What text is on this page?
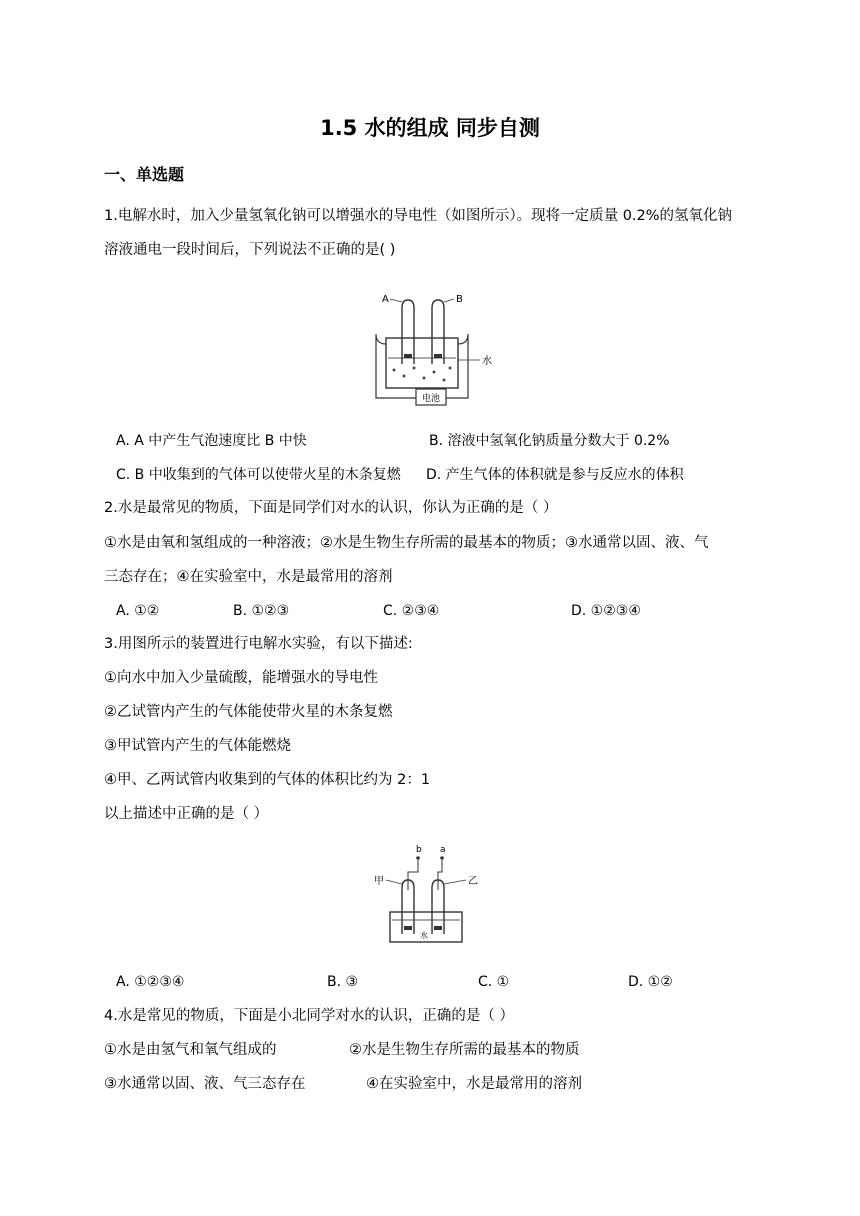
1.5 水的组成 同步自测
一、单选题
1.电解水时，加入少量氢氧化钠可以增强水的导电性（如图所示）。现将一定质量 0.2%的氢氧化钠
溶液通电一段时间后，下列说法不正确的是( )
电池
A	B
水
A. A 中产生气泡速度比 B 中快	B. 溶液中氢氧化钠质量分数大于 0.2%
C. B 中收集到的气体可以使带火星的木条复燃 D. 产生气体的体积就是参与反应水的体积
2.水是最常见的物质，下面是同学们对水的认识，你认为正确的是（ ）
①水是由氧和氢组成的一种溶液；②水是生物生存所需的最基本的物质；③水通常以固、液、气
三态存在；④在实验室中，水是最常用的溶剂
A. ①②	B. ①②③	C. ②③④	D. ①②③④
3.用图所示的装置进行电解水实验，有以下描述:
①向水中加入少量硫酸，能增强水的导电性
②乙试管内产生的气体能使带火星的木条复燃
③甲试管内产生的气体能燃烧
④甲、乙两试管内收集到的气体的体积比约为 2：1
以上描述中正确的是（ ）
b a
甲	乙
水
A. ①②③④	B. ③	C. ①	D. ①②
4.水是常见的物质，下面是小北同学对水的认识，正确的是（ ）
①水是由氢气和氧气组成的	②水是生物生存所需的最基本的物质
③水通常以固、液、气三态存在	④在实验室中，水是最常用的溶剂
